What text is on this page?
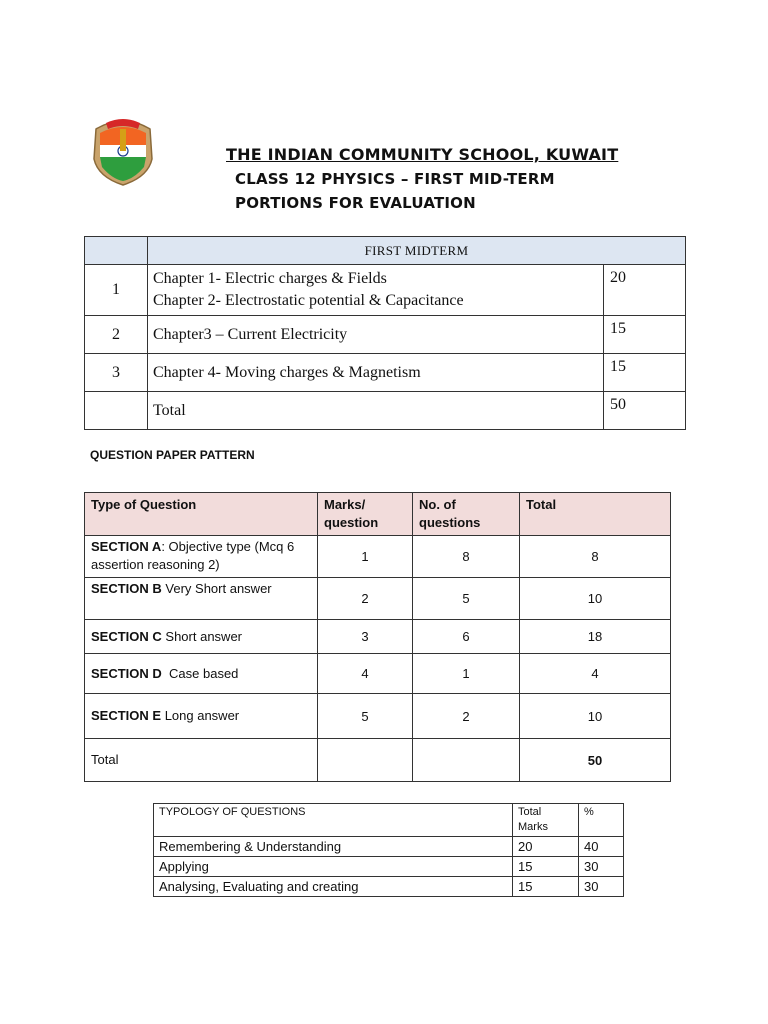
THE INDIAN COMMUNITY SCHOOL, KUWAIT
CLASS 12 PHYSICS – FIRST MID-TERM
PORTIONS FOR EVALUATION
	FIRST MIDTERM	
1	Chapter 1- Electric charges & Fields
Chapter 2- Electrostatic potential & Capacitance	20
2	Chapter3 – Current Electricity	15
3	Chapter 4- Moving charges & Magnetism	15

	Total	50
QUESTION PAPER PATTERN
Type of Question	Marks/ question	No. of questions	Total
SECTION A: Objective type (Mcq 6 assertion reasoning 2)	1	8	8
SECTION B Very Short answer	2	5	10
SECTION C Short answer	3	6	18
SECTION D  Case based	4	1	4
SECTION E Long answer	5	2	10
Total			50
TYPOLOGY OF QUESTIONS	Total Marks	%
Remembering & Understanding	20	40
Applying	15	30
Analysing, Evaluating and creating	15	30
